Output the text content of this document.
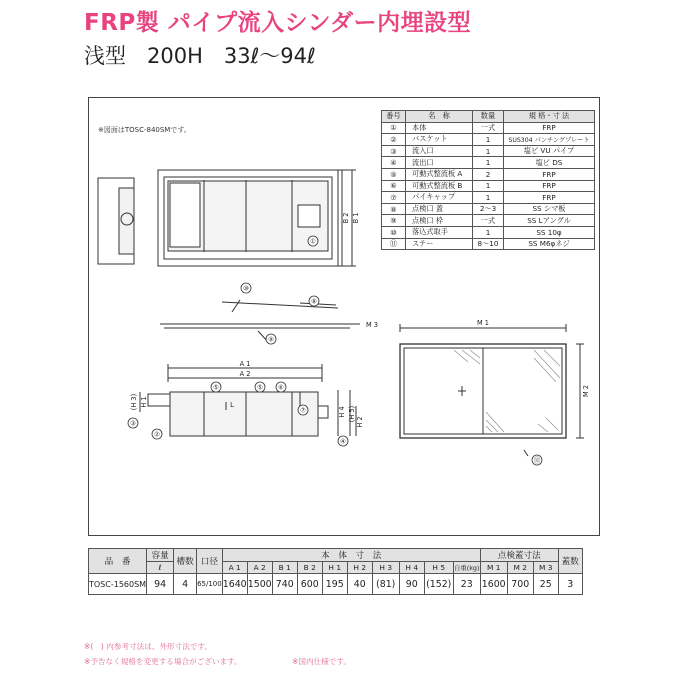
FRP製 パイプ流入シンダー内埋設型
浅型　200H　33ℓ～94ℓ
※図面はTOSC-840SMです。
①
⑩
⑧
⑨
⑤	⑤ ⑥
⑦
③
②
④
⑪
A 1
A 2
M 1
M 3
L
B 2 B 1
M 2
(H 3) H 1
H 4 (H 5) H 2
番号	名　称	数量	規 格・寸 法
①	本体	一式	FRP
②	バスケット	1	SUS304 パンチングプレート
③	流入口	1	塩ビ VU パイプ
④	流出口	1	塩ビ DS
⑤	可動式整流板 A	2	FRP
⑥	可動式整流板 B	1	FRP
⑦	パイキャップ	1	FRP
⑧	点検口 蓋	2～3	SS シマ板
⑨	点検口 枠	一式	SS Lアングル
⑩	落込式取手	1	SS 10φ
⑪	ステー	8～10	SS M6φネジ
品　番	容量	槽数	口径	本　体　寸　法										点検蓋寸法			蓋数
	ℓ			A 1	A 2	B 1	B 2	H 1	H 2	H 3	H 4	H 5	自重(kg)	M 1	M 2	M 3	
TOSC-1560SM	94	4	65/100	1640	1500	740	600	195	40	(81)	90	(152)	23	1600	700	25	3
※(　) 内参考寸法は、外形寸法です。
※予告なく規格を変更する場合がございます。	※国内仕様です。
